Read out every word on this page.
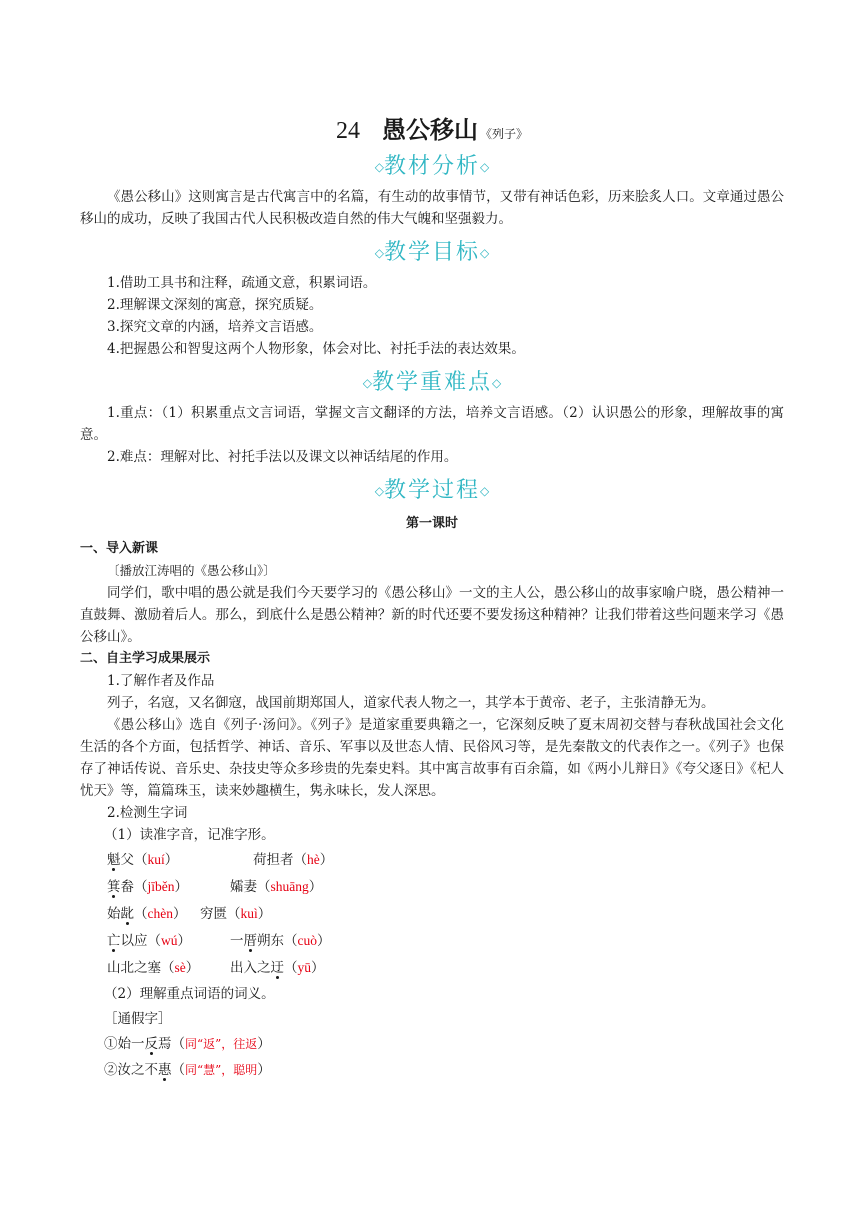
24 愚公移山 《列子》
◇教材分析◇

《愚公移山》这则寓言是古代寓言中的名篇，有生动的故事情节，又带有神话色彩，历来脍炙人口。文章通过愚公移山的成功，反映了我国古代人民积极改造自然的伟大气魄和坚强毅力。

◇教学目标◇

1.借助工具书和注释，疏通文意，积累词语。

2.理解课文深刻的寓意，探究质疑。

3.探究文章的内涵，培养文言语感。

4.把握愚公和智叟这两个人物形象，体会对比、衬托手法的表达效果。

◇教学重难点◇

1.重点：（1）积累重点文言词语，掌握文言文翻译的方法，培养文言语感。（2）认识愚公的形象，理解故事的寓意。

2.难点：理解对比、衬托手法以及课文以神话结尾的作用。

◇教学过程◇
第一课时
一、导入新课

〔播放江涛唱的《愚公移山》〕

同学们，歌中唱的愚公就是我们今天要学习的《愚公移山》一文的主人公，愚公移山的故事家喻户晓，愚公精神一直鼓舞、激励着后人。那么，到底什么是愚公精神？新的时代还要不要发扬这种精神？让我们带着这些问题来学习《愚公移山》。

二、自主学习成果展示

1.了解作者及作品

列子，名寇，又名御寇，战国前期郑国人，道家代表人物之一，其学本于黄帝、老子，主张清静无为。

《愚公移山》选自《列子·汤问》。《列子》是道家重要典籍之一，它深刻反映了夏末周初交替与春秋战国社会文化生活的各个方面，包括哲学、神话、音乐、军事以及世态人情、民俗风习等，是先秦散文的代表作之一。《列子》也保存了神话传说、音乐史、杂技史等众多珍贵的先秦史料。其中寓言故事有百余篇，如《两小儿辩日》《夸父逐日》《杞人忧天》等，篇篇珠玉，读来妙趣横生，隽永味长，发人深思。

2.检测生字词

（1）读准字音，记准字形。

魁父（kuí）	荷担者（hè）
箕畚（jīběn）	孀妻（shuāng）
始龀（chèn） 穷匮（kuì）
亡以应（wú）	一厝朔东（cuò）
山北之塞（sè） 出入之迂（yū）

（2）理解重点词语的词义。

［通假字］

①始一反焉（同“返”，往返）

②汝之不惠（同“慧”，聪明）
